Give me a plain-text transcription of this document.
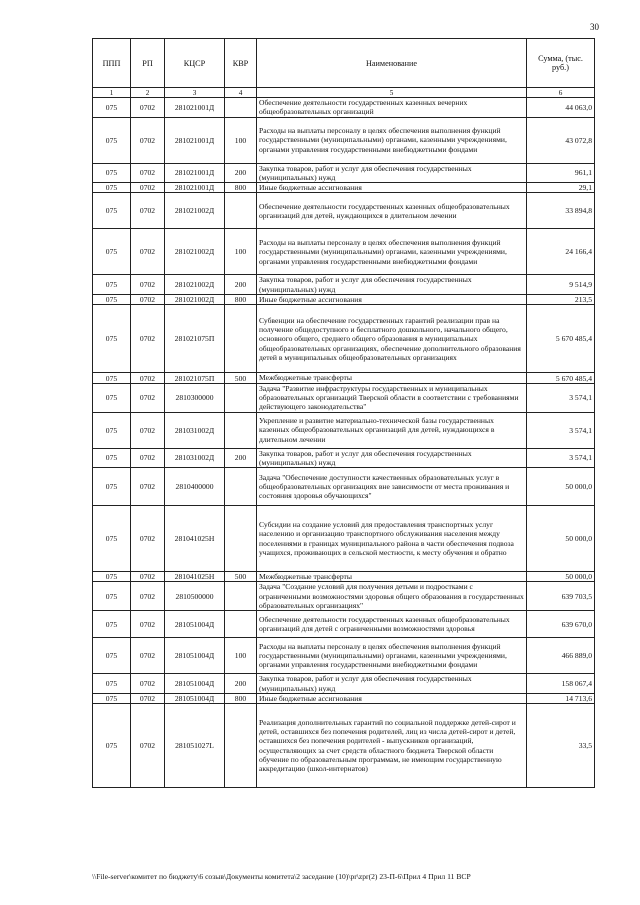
30
ППП	РП	КЦСР	КВР	Наименование	Сумма, (тыс. руб.)
1	2	3	4	5	6
075	0702	281021001Д		Обеспечение деятельности государственных казенных вечерних общеобразовательных организаций	44 063,0
075	0702	281021001Д	100	Расходы на выплаты персоналу в целях обеспечения выполнения функций государственными (муниципальными) органами, казенными учреждениями, органами управления государственными внебюджетными фондами	43 072,8
075	0702	281021001Д	200	Закупка товаров, работ и услуг для обеспечения государственных (муниципальных) нужд	961,1
075	0702	281021001Д	800	Иные бюджетные ассигнования	29,1
075	0702	281021002Д		Обеспечение деятельности государственных казенных общеобразовательных организаций для детей, нуждающихся в длительном лечении	33 894,8
075	0702	281021002Д	100	Расходы на выплаты персоналу в целях обеспечения выполнения функций государственными (муниципальными) органами, казенными учреждениями, органами управления государственными внебюджетными фондами	24 166,4
075	0702	281021002Д	200	Закупка товаров, работ и услуг для обеспечения государственных (муниципальных) нужд	9 514,9
075	0702	281021002Д	800	Иные бюджетные ассигнования	213,5
075	0702	281021075П		Субвенции на обеспечение государственных гарантий реализации прав на получение общедоступного и бесплатного дошкольного, начального общего, основного общего, среднего общего образования в муниципальных общеобразовательных организациях, обеспечение дополнительного образования детей в муниципальных общеобразовательных организациях	5 670 485,4
075	0702	281021075П	500	Межбюджетные трансферты	5 670 485,4
075	0702	2810300000		Задача "Развитие инфраструктуры государственных и муниципальных образовательных организаций Тверской области в соответствии с требованиями действующего законодательства"	3 574,1
075	0702	281031002Д		Укрепление и развитие материально-технической базы государственных казенных общеобразовательных организаций для детей, нуждающихся в длительном лечении	3 574,1
075	0702	281031002Д	200	Закупка товаров, работ и услуг для обеспечения государственных (муниципальных) нужд	3 574,1
075	0702	2810400000		Задача "Обеспечение доступности качественных образовательных услуг в общеобразовательных организациях вне зависимости от места проживания и состояния здоровья обучающихся"	50 000,0
075	0702	281041025Н		Субсидии на создание условий для предоставления транспортных услуг населению и организацию транспортного обслуживания населения между поселениями в границах муниципального района в части обеспечения подвоза учащихся, проживающих в сельской местности, к месту обучения и обратно	50 000,0
075	0702	281041025Н	500	Межбюджетные трансферты	50 000,0
075	0702	2810500000		Задача "Создание условий для получения детьми и подростками с ограниченными возможностями здоровья общего образования в государственных образовательных организациях"	639 703,5
075	0702	281051004Д		Обеспечение деятельности государственных казенных общеобразовательных организаций для детей с ограниченными возможностями здоровья	639 670,0
075	0702	281051004Д	100	Расходы на выплаты персоналу в целях обеспечения выполнения функций государственными (муниципальными) органами, казенными учреждениями, органами управления государственными внебюджетными фондами	466 889,0
075	0702	281051004Д	200	Закупка товаров, работ и услуг для обеспечения государственных (муниципальных) нужд	158 067,4
075	0702	281051004Д	800	Иные бюджетные ассигнования	14 713,6
075	0702	281051027L		Реализация дополнительных гарантий по социальной поддержке детей-сирот и детей, оставшихся без попечения родителей, лиц из числа детей-сирот и детей, оставшихся без попечения родителей - выпускников организаций, осуществляющих за счет средств областного бюджета Тверской области обучение по образовательным программам, не имеющим государственную аккредитацию (школ-интернатов)	33,5
\\File-server\комитет по бюджету\6 созыв\Документы комитета\2 заседание (10)\pr\zpr(2) 23-П-6\Прил 4 Прил 11 ВСР
